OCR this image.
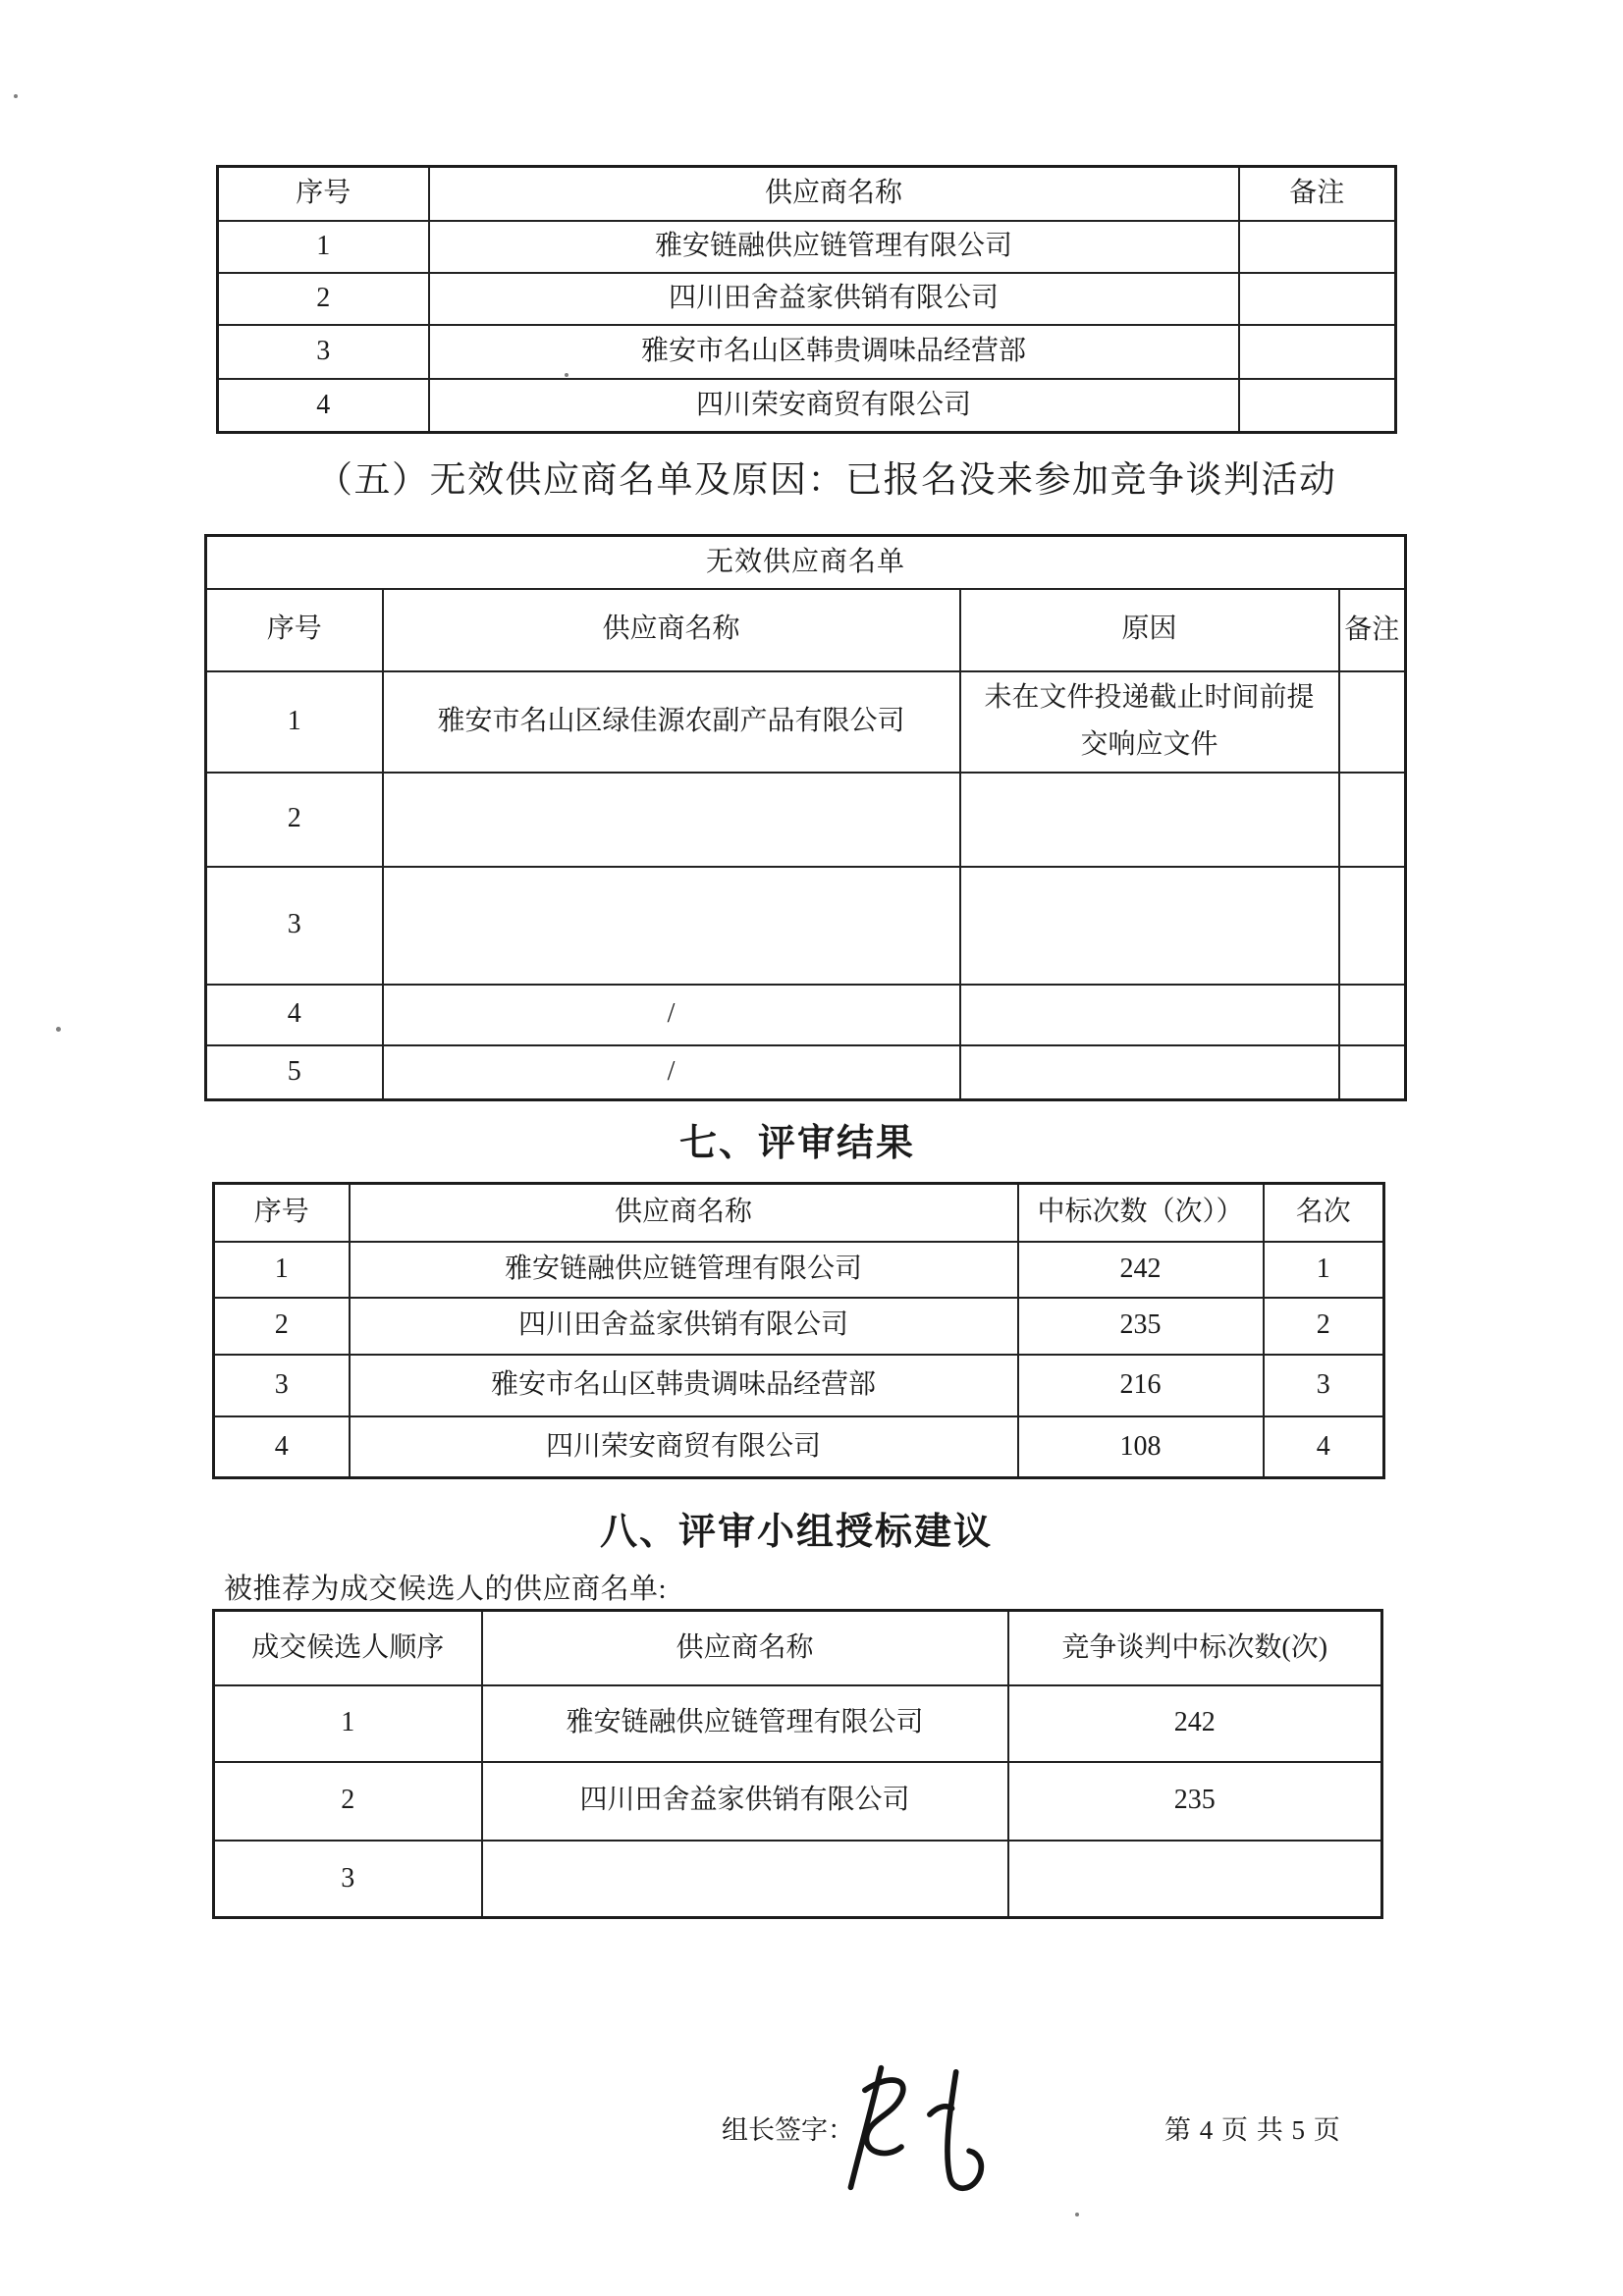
序号	供应商名称	备注
1	雅安链融供应链管理有限公司	
2	四川田舍益家供销有限公司	
3	雅安市名山区韩贵调味品经营部	
4	四川荣安商贸有限公司	
（五）无效供应商名单及原因：已报名没来参加竞争谈判活动
无效供应商名单			
序号	供应商名称	原因	备注
1	雅安市名山区绿佳源农副产品有限公司	未在文件投递截止时间前提交响应文件	
2			
3			
4	/		
5	/		
七、评审结果
序号	供应商名称	中标次数（次））	名次
1	雅安链融供应链管理有限公司	242	1
2	四川田舍益家供销有限公司	235	2
3	雅安市名山区韩贵调味品经营部	216	3
4	四川荣安商贸有限公司	108	4
八、评审小组授标建议
被推荐为成交候选人的供应商名单:
成交候选人顺序	供应商名称	竞争谈判中标次数(次)
1	雅安链融供应链管理有限公司	242
2	四川田舍益家供销有限公司	235
3		
组长签字：	第 4 页 共 5 页
